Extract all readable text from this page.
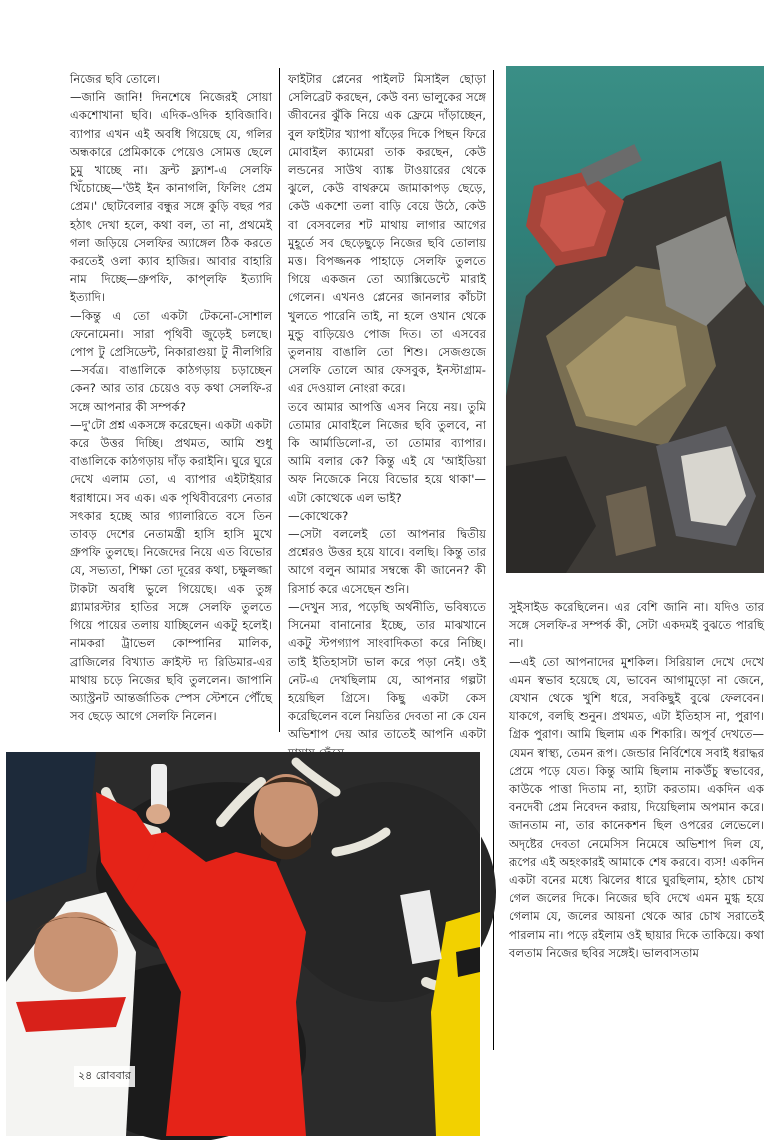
নিজের ছবি তোলে।
—জানি জানি! দিনশেষে নিজেরই সোয়া একশোখানা ছবি। এদিক-ওদিক হাবিজাবি। ব্যাপার এখন এই অবধি গিয়েছে যে, গলির অন্ধকারে প্রেমিকাকে পেয়েও সোমত্ত ছেলে চুমু খাচ্ছে না। ফ্রন্ট ফ্ল্যাশ-এ সেলফি খিঁচোচ্ছে—'উই ইন কানাগলি, ফিলিং প্রেম প্রেম।' ছোটবেলার বন্ধুর সঙ্গে কুড়ি বছর পর হঠাৎ দেখা হলে, কথা বল, তা না, প্রথমেই গলা জড়িয়ে সেলফির অ্যাঙ্গেল ঠিক করতে করতেই ওলা ক্যাব হাজির। আবার বাহারি নাম দিচ্ছে—গ্রুপফি, কাপ্‌লফি ইত্যাদি ইত্যাদি।
—কিন্তু এ তো একটা টেকনো-সোশাল ফেনোমেনা। সারা পৃথিবী জুড়েই চলছে। পোপ টু প্রেসিডেন্ট, নিকারাগুয়া টু নীলগিরি—সর্বত্র। বাঙালিকে কাঠগড়ায় চড়াচ্ছেন কেন? আর তার চেয়েও বড় কথা সেলফি-র সঙ্গে আপনার কী সম্পর্ক?
—দু'টো প্রশ্ন একসঙ্গে করেছেন। একটা একটা করে উত্তর দিচ্ছি। প্রথমত, আমি শুধু বাঙালিকে কাঠগড়ায় দাঁড় করাইনি। ঘুরে ঘুরে দেখে এলাম তো, এ ব্যাপার এইটাইয়ার ধরাধামে। সব এক। এক পৃথিবীবরেণ্য নেতার সৎকার হচ্ছে আর গ্যালারিতে বসে তিন তাবড় দেশের নেতামন্ত্রী হাসি হাসি মুখে গ্রুপফি তুলছে। নিজেদের নিয়ে এত বিভোর যে, সভ্যতা, শিক্ষা তো দূরের কথা, চক্ষুলজ্জা টাকটা অবধি ভুলে গিয়েছে। এক তুঙ্গ গ্ল্যামারস্টার হাতির সঙ্গে সেলফি তুলতে গিয়ে পায়ের তলায় যাচ্ছিলেন একটু হলেই। নামকরা ট্রাভেল কোম্পানির মালিক, ব্রাজিলের বিখ্যাত ক্রাইস্ট দ্য রিডিমার-এর মাথায় চড়ে নিজের ছবি তুললেন। জাপানি অ্যাস্ট্রনট আন্তর্জাতিক স্পেস স্টেশনে পৌঁছে সব ছেড়ে আগে সেলফি নিলেন।
ফাইটার প্লেনের পাইলট মিসাইল ছোড়া সেলিব্রেট করছেন, কেউ বন্য ভালুকের সঙ্গে জীবনের ঝুঁকি নিয়ে এক ফ্রেমে দাঁড়াচ্ছেন, বুল ফাইটার খ্যাপা ষাঁড়ের দিকে পিছন ফিরে মোবাইল ক্যামেরা তাক করছেন, কেউ লন্ডনের সাউথ ব্যাঙ্ক টাওয়ারের থেকে ঝুলে, কেউ বাথরুমে জামাকাপড় ছেড়ে, কেউ একশো তলা বাড়ি বেয়ে উঠে, কেউ বা বেসবলের শট মাথায় লাগার আগের মুহূর্তে সব ছেড়েছুড়ে নিজের ছবি তোলায় মত্ত। বিপজ্জনক পাহাড়ে সেলফি তুলতে গিয়ে একজন তো অ্যাক্সিডেন্টে মারাই গেলেন। এখনও প্লেনের জানলার কাঁচটা খুলতে পারেনি তাই, না হলে ওখান থেকে মুন্ডু বাড়িয়েও পোজ দিত। তা এসবের তুলনায় বাঙালি তো শিশু। সেজগুজে সেলফি তোলে আর ফেসবুক, ইনস্টাগ্রাম-এর দেওয়াল নোংরা করে।
তবে আমার আপত্তি এসব নিয়ে নয়। তুমি তোমার মোবাইলে নিজের ছবি তুলবে, না কি আর্মাডিলো-র, তা তোমার ব্যাপার। আমি বলার কে? কিন্তু এই যে 'আইডিয়া অফ নিজেকে নিয়ে বিভোর হয়ে থাকা'—এটা কোত্থেকে এল ভাই?
—কোত্থেকে?
—সেটা বললেই তো আপনার দ্বিতীয় প্রশ্নেরও উত্তর হয়ে যাবে। বলছি। কিন্তু তার আগে বলুন আমার সম্বন্ধে কী জানেন? কী রিসার্চ করে এসেছেন শুনি।
—দেখুন স্যর, পড়েছি অর্থনীতি, ভবিষ্যতে সিনেমা বানানোর ইচ্ছে, তার মাঝখানে একটু স্টপগ্যাপ সাংবাদিকতা করে নিচ্ছি। তাই ইতিহাসটা ভাল করে পড়া নেই। ওই নেট-এ দেখছিলাম যে, আপনার গল্পটা হয়েছিল গ্রিসে। কিছু একটা কেস করেছিলেন বলে নিয়তির দেবতা না কে যেন অভিশাপ দেয় আর তাতেই আপনি একটা
সুইসাইড করেছিলেন। এর বেশি জানি না। যদিও তার সঙ্গে সেলফি-র সম্পর্ক কী, সেটা একদমই বুঝতে পারছি না।
—এই তো আপনাদের মুশকিল। সিরিয়াল দেখে দেখে এমন স্বভাব হয়েছে যে, ভাবেন আগামুড়ো না জেনে, যেখান থেকে খুশি ধরে, সবকিছুই বুঝে ফেলবেন। যাকগে, বলছি শুনুন। প্রথমত, এটা ইতিহাস না, পুরাণ। গ্রিক পুরাণ। আমি ছিলাম এক শিকারি। অপূর্ব দেখতে—যেমন স্বাস্থ্য, তেমন রূপ। জেন্ডার নির্বিশেষে সবাই ধরাদ্ধর প্রেমে পড়ে যেত। কিন্তু আমি ছিলাম নাকউঁচু স্বভাবের, কাউকে পাত্তা দিতাম না, হ্যাটা করতাম। একদিন এক বনদেবী প্রেম নিবেদন করায়, দিয়েছিলাম অপমান করে। জানতাম না, তার কানেকশন ছিল ওপরের লেভেলে। অদৃষ্টের দেবতা নেমেসিস নিমেষে অভিশাপ দিল যে, রূপের এই অহংকারই আমাকে শেষ করবে। ব্যস! একদিন একটা বনের মধ্যে ঝিলের ধারে ঘুরছিলাম, হঠাৎ চোখ গেল জলের দিকে। নিজের ছবি দেখে এমন মুগ্ধ হয়ে গেলাম যে, জলের আয়না থেকে আর চোখ সরাতেই পারলাম না। পড়ে রইলাম ওই ছায়ার দিকে তাকিয়ে। কথা বলতাম নিজের ছবির সঙ্গেই। ভালবাসতাম
২৪ রোববার
